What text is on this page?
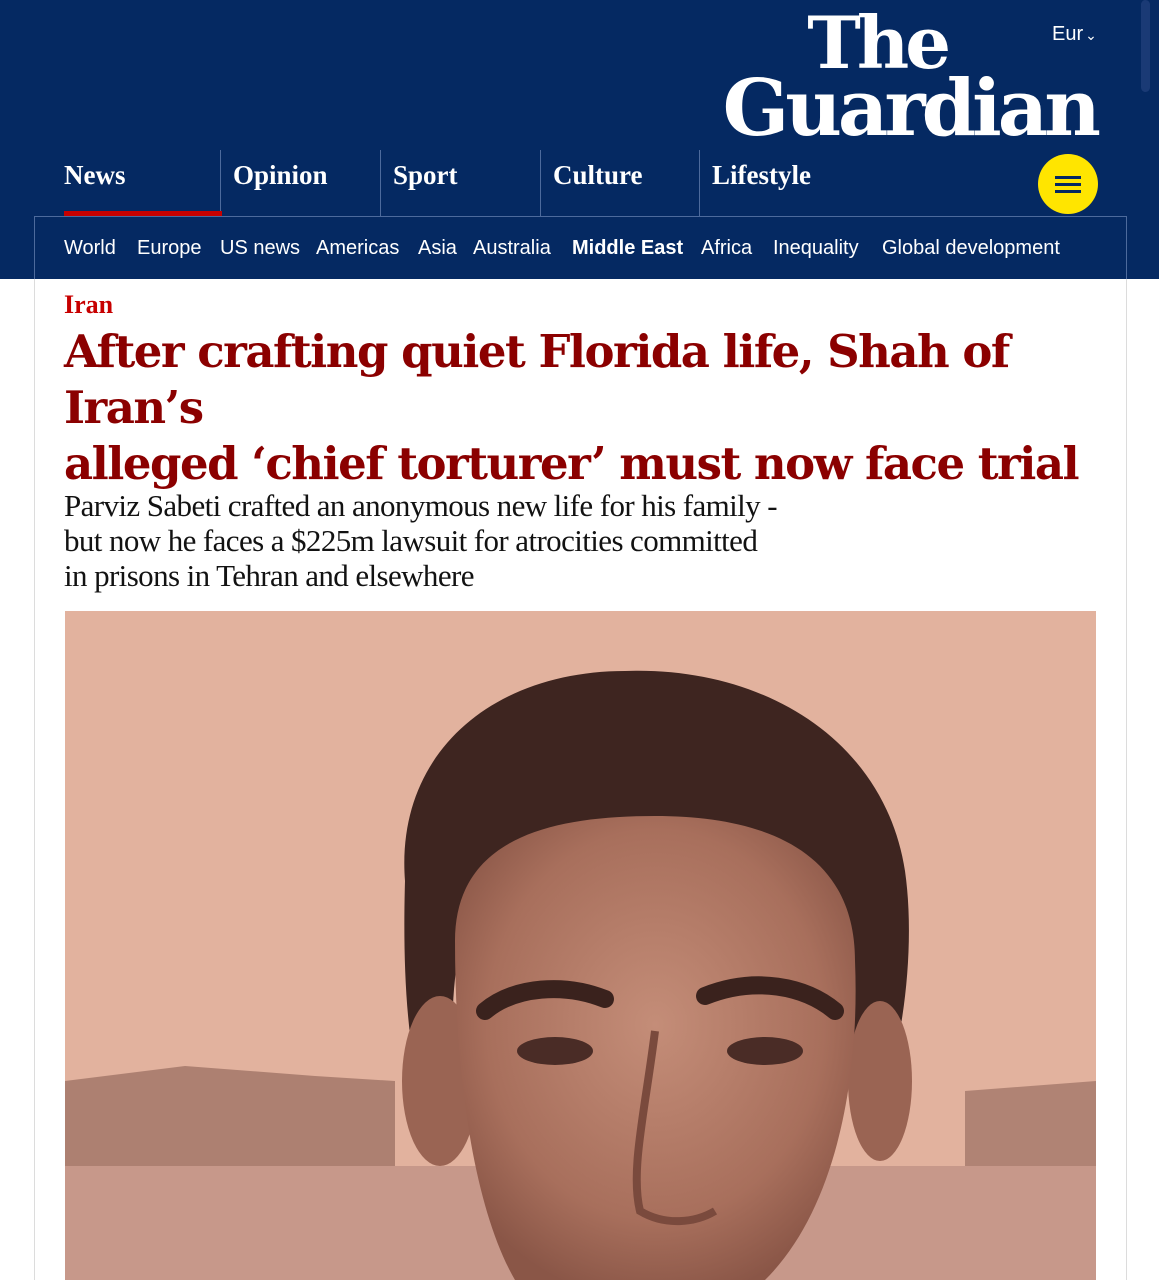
Eur ⌄
The
Guardian
News	Opinion	Sport	Culture	Lifestyle
World Europe US news Americas Asia Australia Middle East Africa Inequality Global development
Iran
After crafting quiet Florida life, Shah of Iran’s
alleged ‘chief torturer’ must now face trial

Parviz Sabeti crafted an anonymous new life for his family -
but now he faces a $225m lawsuit for atrocities committed
in prisons in Tehran and elsewhere
